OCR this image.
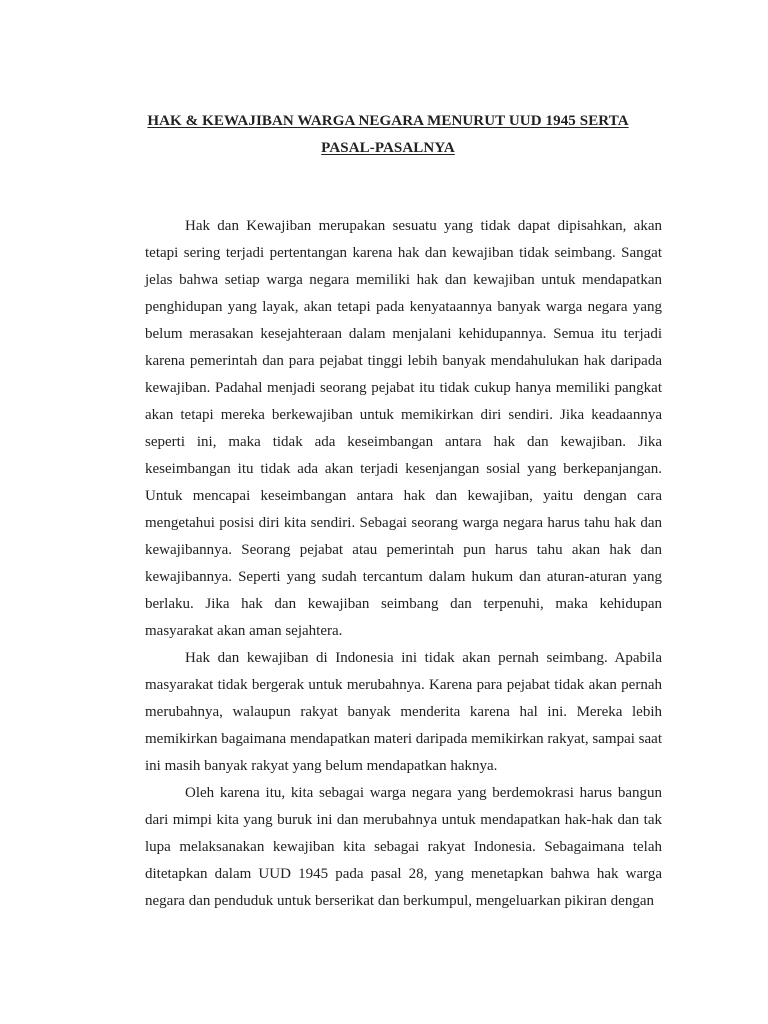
HAK & KEWAJIBAN WARGA NEGARA MENURUT UUD 1945 SERTA
PASAL-PASALNYA

Hak dan Kewajiban merupakan sesuatu yang tidak dapat dipisahkan, akan tetapi sering terjadi pertentangan karena hak dan kewajiban tidak seimbang. Sangat jelas bahwa setiap warga negara memiliki hak dan kewajiban untuk mendapatkan penghidupan yang layak, akan tetapi pada kenyataannya banyak warga negara yang belum merasakan kesejahteraan dalam menjalani kehidupannya. Semua itu terjadi karena pemerintah dan para pejabat tinggi lebih banyak mendahulukan hak daripada kewajiban. Padahal menjadi seorang pejabat itu tidak cukup hanya memiliki pangkat akan tetapi mereka berkewajiban untuk memikirkan diri sendiri. Jika keadaannya seperti ini, maka tidak ada keseimbangan antara hak dan kewajiban. Jika keseimbangan itu tidak ada akan terjadi kesenjangan sosial yang berkepanjangan. Untuk mencapai keseimbangan antara hak dan kewajiban, yaitu dengan cara mengetahui posisi diri kita sendiri. Sebagai seorang warga negara harus tahu hak dan kewajibannya. Seorang pejabat atau pemerintah pun harus tahu akan hak dan kewajibannya. Seperti yang sudah tercantum dalam hukum dan aturan-aturan yang berlaku. Jika hak dan kewajiban seimbang dan terpenuhi, maka kehidupan masyarakat akan aman sejahtera.

Hak dan kewajiban di Indonesia ini tidak akan pernah seimbang. Apabila masyarakat tidak bergerak untuk merubahnya. Karena para pejabat tidak akan pernah merubahnya, walaupun rakyat banyak menderita karena hal ini. Mereka lebih memikirkan bagaimana mendapatkan materi daripada memikirkan rakyat, sampai saat ini masih banyak rakyat yang belum mendapatkan haknya.

Oleh karena itu, kita sebagai warga negara yang berdemokrasi harus bangun dari mimpi kita yang buruk ini dan merubahnya untuk mendapatkan hak-hak dan tak lupa melaksanakan kewajiban kita sebagai rakyat Indonesia. Sebagaimana telah ditetapkan dalam UUD 1945 pada pasal 28, yang menetapkan bahwa hak warga negara dan penduduk untuk berserikat dan berkumpul, mengeluarkan pikiran dengan
